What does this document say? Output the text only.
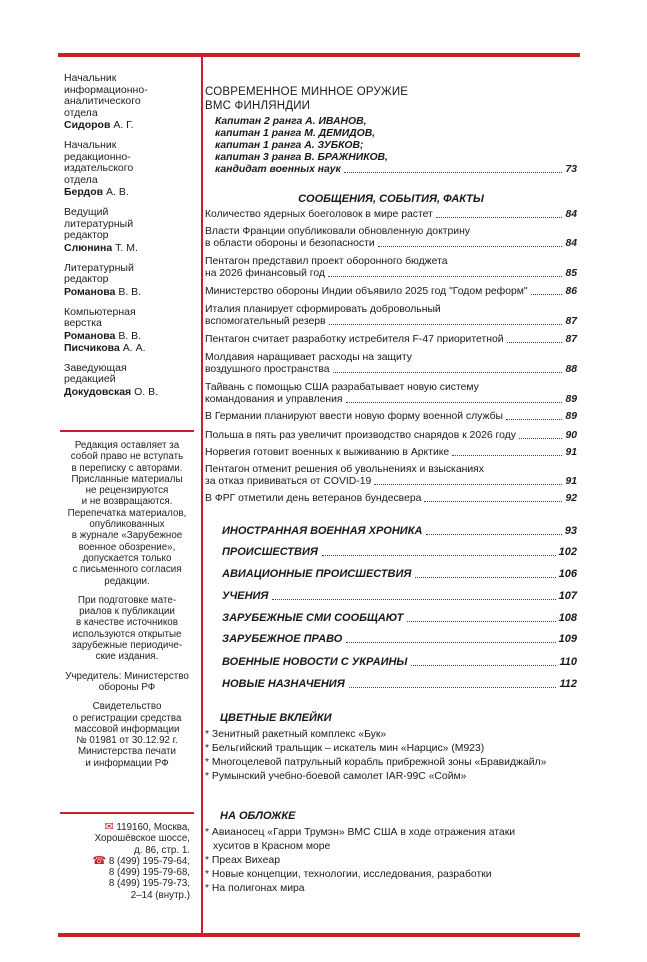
Начальник
информационно-
аналитического
отдела
Сидоров А. Г.
Начальник
редакционно-
издательского
отдела
Бердов А. В.
Ведущий
литературный
редактор
Слюнина Т. М.
Литературный
редактор
Романова В. В.
Компьютерная
верстка
Романова В. В.
Писчикова А. А.
Заведующая
редакцией
Докудовская О. В.

Редакция оставляет за
собой право не вступать
в переписку с авторами.
Присланные материалы
не рецензируются
и не возвращаются.
Перепечатка материалов,
опубликованных
в журнале «Зарубежное
военное обозрение»,
допускается только
с письменного согласия
редакции.

При подготовке мате-
риалов к публикации
в качестве источников
используются открытые
зарубежные периодиче-
ские издания.

Учредитель: Министерство
обороны РФ

Свидетельство
о регистрации средства
массовой информации
№ 01981 от 30.12.92 г.
Министерства печати
и информации РФ

✉ 119160, Москва,
Хорошёвское шоссе,
д. 86, стр. 1.
☎ 8 (499) 195-79-64,
8 (499) 195-79-68,
8 (499) 195-79-73,
2–14 (внутр.)
СОВРЕМЕННОЕ МИННОЕ ОРУЖИЕ
ВМС ФИНЛЯНДИИ
Капитан 2 ранга А. ИВАНОВ,
капитан 1 ранга М. ДЕМИДОВ,
капитан 1 ранга А. ЗУБКОВ;
капитан 3 ранга В. БРАЖНИКОВ,
кандидат военных наук	73
СООБЩЕНИЯ, СОБЫТИЯ, ФАКТЫ
Количество ядерных боеголовок в мире растет	84
Власти Франции опубликовали обновленную доктрину
в области обороны и безопасности	84
Пентагон представил проект оборонного бюджета
на 2026 финансовый год	85
Министерство обороны Индии объявило 2025 год "Годом реформ"	86
Италия планирует сформировать добровольный
вспомогательный резерв	87
Пентагон считает разработку истребителя F-47 приоритетной	87
Молдавия наращивает расходы на защиту
воздушного пространства	88
Тайвань с помощью США разрабатывает новую систему
командования и управления	89
В Германии планируют ввести новую форму военной службы	89
Польша в пять раз увеличит производство снарядов к 2026 году	90
Норвегия готовит военных к выживанию в Арктике	91
Пентагон отменит решения об увольнениях и взысканиях
за отказ прививаться от COVID-19	91
В ФРГ отметили день ветеранов бундесвера	92
ИНОСТРАННАЯ ВОЕННАЯ ХРОНИКА	93
ПРОИСШЕСТВИЯ	102
АВИАЦИОННЫЕ ПРОИСШЕСТВИЯ	106
УЧЕНИЯ	107
ЗАРУБЕЖНЫЕ СМИ СООБЩАЮТ	108
ЗАРУБЕЖНОЕ ПРАВО	109
ВОЕННЫЕ НОВОСТИ С УКРАИНЫ	110
НОВЫЕ НАЗНАЧЕНИЯ	112
ЦВЕТНЫЕ ВКЛЕЙКИ
* Зенитный ракетный комплекс «Бук»
* Бельгийский тральщик – искатель мин «Нарцис» (M923)
* Многоцелевой патрульный корабль прибрежной зоны «Бравиджайл»
* Румынский учебно-боевой самолет IAR-99С «Сойм»
НА ОБЛОЖКЕ
* Авианосец «Гарри Трумэн» ВМС США в ходе отражения атаки
хуситов в Красном море
* Преах Вихеар
* Новые концепции, технологии, исследования, разработки
* На полигонах мира
